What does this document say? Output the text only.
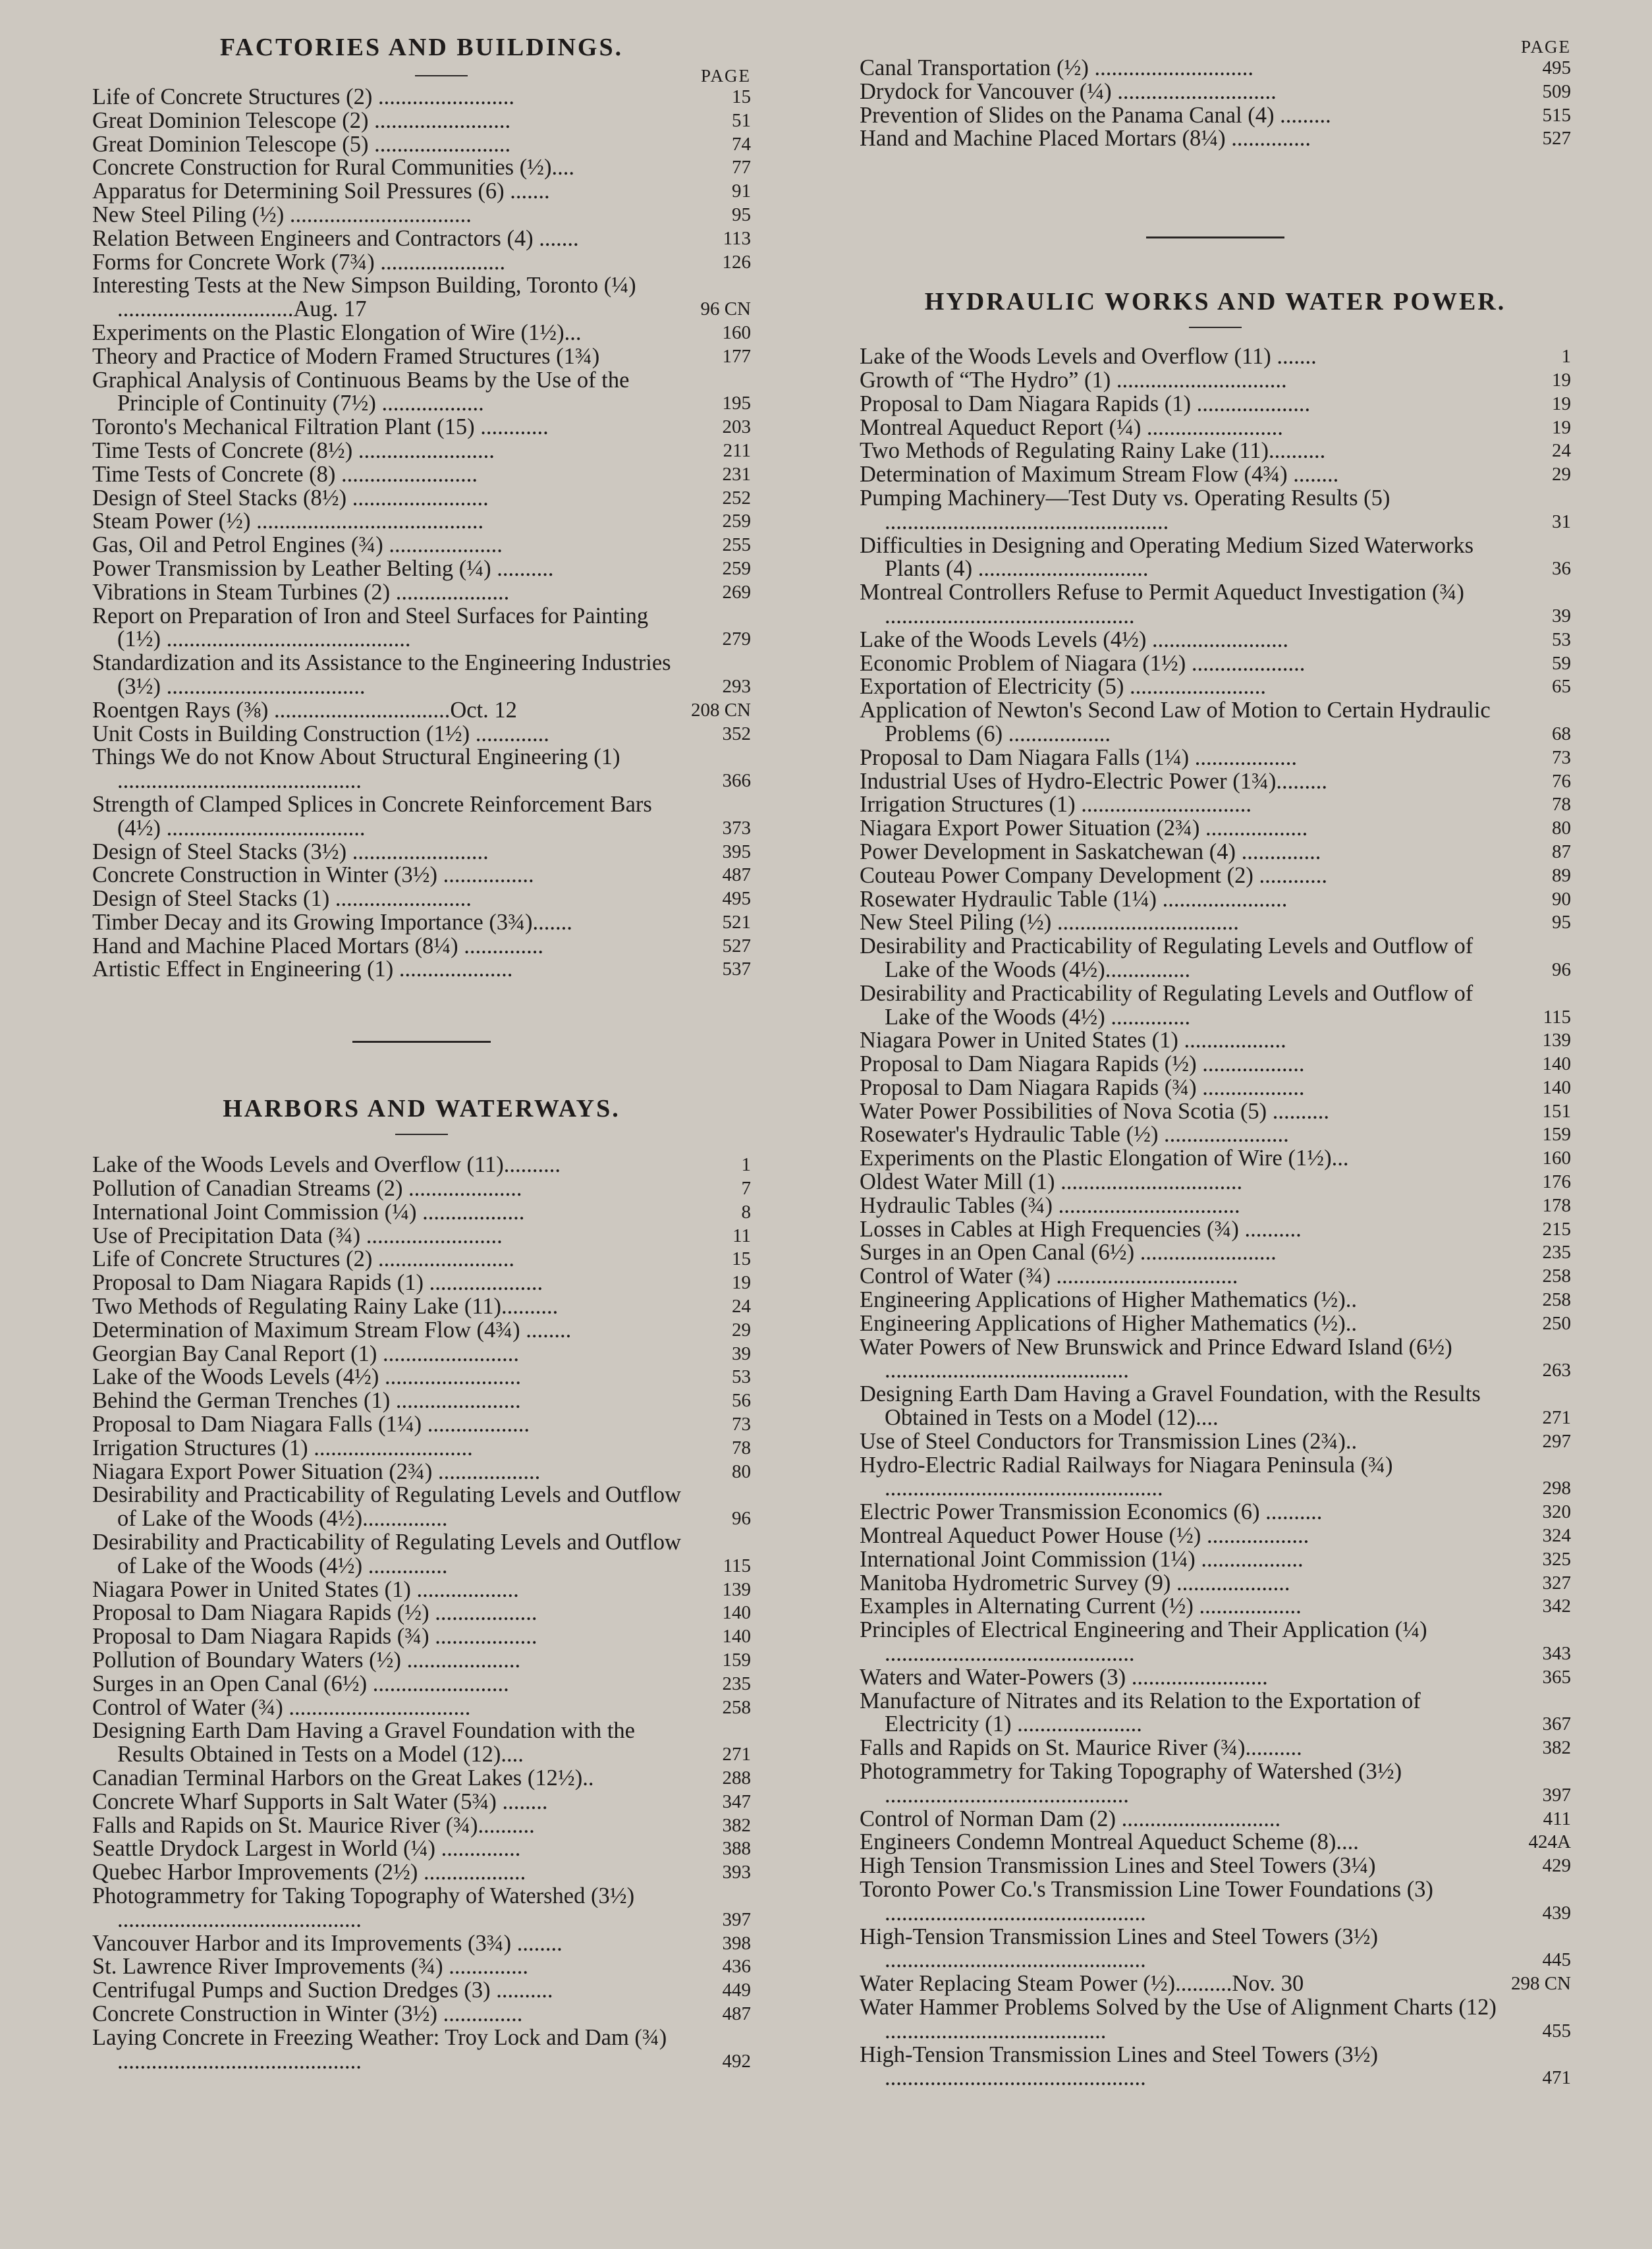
FACTORIES AND BUILDINGS.
PAGE
Life of Concrete Structures (2) ........................	15
Great Dominion Telescope (2) ........................	51
Great Dominion Telescope (5) ........................	74
Concrete Construction for Rural Communities (½)....	77
Apparatus for Determining Soil Pressures (6) .......	91
New Steel Piling (½) ................................	95
Relation Between Engineers and Contractors (4) .......	113
Forms for Concrete Work (7¾) ......................	126
Interesting Tests at the New Simpson Building, Toronto (¼) ...............................Aug. 17	96 CN
Experiments on the Plastic Elongation of Wire (1½)...	160
Theory and Practice of Modern Framed Structures (1¾)	177
Graphical Analysis of Continuous Beams by the Use of the Principle of Continuity (7½) ..................	195
Toronto's Mechanical Filtration Plant (15) ............	203
Time Tests of Concrete (8½) ........................	211
Time Tests of Concrete (8) ........................	231
Design of Steel Stacks (8½) ........................	252
Steam Power (½) ........................................	259
Gas, Oil and Petrol Engines (¾) ....................	255
Power Transmission by Leather Belting (¼) ..........	259
Vibrations in Steam Turbines (2) ....................	269
Report on Preparation of Iron and Steel Surfaces for Painting (1½) ...........................................	279
Standardization and its Assistance to the Engineering Industries (3½) ...................................	293
Roentgen Rays (⅜) ...............................Oct. 12	208 CN
Unit Costs in Building Construction (1½) .............	352
Things We do not Know About Structural Engineering (1) ...........................................	366
Strength of Clamped Splices in Concrete Reinforcement Bars (4½) ...................................	373
Design of Steel Stacks (3½) ........................	395
Concrete Construction in Winter (3½) ................	487
Design of Steel Stacks (1) ........................	495
Timber Decay and its Growing Importance (3¾).......	521
Hand and Machine Placed Mortars (8¼) ..............	527
Artistic Effect in Engineering (1) ....................	537
HARBORS AND WATERWAYS.
Lake of the Woods Levels and Overflow (11)..........	1
Pollution of Canadian Streams (2) ....................	7
International Joint Commission (¼) ..................	8
Use of Precipitation Data (¾) ........................	11
Life of Concrete Structures (2) ........................	15
Proposal to Dam Niagara Rapids (1) ....................	19
Two Methods of Regulating Rainy Lake (11)..........	24
Determination of Maximum Stream Flow (4¾) ........	29
Georgian Bay Canal Report (1) ........................	39
Lake of the Woods Levels (4½) ........................	53
Behind the German Trenches (1) ......................	56
Proposal to Dam Niagara Falls (1¼) ..................	73
Irrigation Structures (1) ............................	78
Niagara Export Power Situation (2¾) ..................	80
Desirability and Practicability of Regulating Levels and Outflow of Lake of the Woods (4½)...............	96
Desirability and Practicability of Regulating Levels and Outflow of Lake of the Woods (4½) ..............	115
Niagara Power in United States (1) ..................	139
Proposal to Dam Niagara Rapids (½) ..................	140
Proposal to Dam Niagara Rapids (¾) ..................	140
Pollution of Boundary Waters (½) ....................	159
Surges in an Open Canal (6½) ........................	235
Control of Water (¾) ................................	258
Designing Earth Dam Having a Gravel Foundation with the Results Obtained in Tests on a Model (12)....	271
Canadian Terminal Harbors on the Great Lakes (12½)..	288
Concrete Wharf Supports in Salt Water (5¾) ........	347
Falls and Rapids on St. Maurice River (¾)..........	382
Seattle Drydock Largest in World (¼) ..............	388
Quebec Harbor Improvements (2½) ..................	393
Photogrammetry for Taking Topography of Watershed (3½) ...........................................	397
Vancouver Harbor and its Improvements (3¾) ........	398
St. Lawrence River Improvements (¾) ..............	436
Centrifugal Pumps and Suction Dredges (3) ..........	449
Concrete Construction in Winter (3½) ..............	487
Laying Concrete in Freezing Weather: Troy Lock and Dam (¾) ...........................................	492
PAGE
Canal Transportation (½) ............................	495
Drydock for Vancouver (¼) ............................	509
Prevention of Slides on the Panama Canal (4) .........	515
Hand and Machine Placed Mortars (8¼) ..............	527
HYDRAULIC WORKS AND WATER POWER.
Lake of the Woods Levels and Overflow (11) .......	1
Growth of “The Hydro” (1) ..............................	19
Proposal to Dam Niagara Rapids (1) ....................	19
Montreal Aqueduct Report (¼) ........................	19
Two Methods of Regulating Rainy Lake (11)..........	24
Determination of Maximum Stream Flow (4¾) ........	29
Pumping Machinery—Test Duty vs. Operating Results (5) ..................................................	31
Difficulties in Designing and Operating Medium Sized Waterworks Plants (4) ..............................	36
Montreal Controllers Refuse to Permit Aqueduct Investigation (¾) ............................................	39
Lake of the Woods Levels (4½) ........................	53
Economic Problem of Niagara (1½) ....................	59
Exportation of Electricity (5) ........................	65
Application of Newton's Second Law of Motion to Certain Hydraulic Problems (6) ..................	68
Proposal to Dam Niagara Falls (1¼) ..................	73
Industrial Uses of Hydro-Electric Power (1¾).........	76
Irrigation Structures (1) ..............................	78
Niagara Export Power Situation (2¾) ..................	80
Power Development in Saskatchewan (4) ..............	87
Couteau Power Company Development (2) ............	89
Rosewater Hydraulic Table (1¼) ......................	90
New Steel Piling (½) ................................	95
Desirability and Practicability of Regulating Levels and Outflow of Lake of the Woods (4½)...............	96
Desirability and Practicability of Regulating Levels and Outflow of Lake of the Woods (4½) ..............	115
Niagara Power in United States (1) ..................	139
Proposal to Dam Niagara Rapids (½) ..................	140
Proposal to Dam Niagara Rapids (¾) ..................	140
Water Power Possibilities of Nova Scotia (5) ..........	151
Rosewater's Hydraulic Table (½) ......................	159
Experiments on the Plastic Elongation of Wire (1½)...	160
Oldest Water Mill (1) ................................	176
Hydraulic Tables (¾) ................................	178
Losses in Cables at High Frequencies (¾) ..........	215
Surges in an Open Canal (6½) ........................	235
Control of Water (¾) ................................	258
Engineering Applications of Higher Mathematics (½)..	258
Engineering Applications of Higher Mathematics (½)..	250
Water Powers of New Brunswick and Prince Edward Island (6½) ...........................................	263
Designing Earth Dam Having a Gravel Foundation, with the Results Obtained in Tests on a Model (12)....	271
Use of Steel Conductors for Transmission Lines (2¾)..	297
Hydro-Electric Radial Railways for Niagara Peninsula (¾) .................................................	298
Electric Power Transmission Economics (6) ..........	320
Montreal Aqueduct Power House (½) ..................	324
International Joint Commission (1¼) ..................	325
Manitoba Hydrometric Survey (9) ....................	327
Examples in Alternating Current (½) ..................	342
Principles of Electrical Engineering and Their Application (¼) ............................................	343
Waters and Water-Powers (3) ........................	365
Manufacture of Nitrates and its Relation to the Exportation of Electricity (1) ......................	367
Falls and Rapids on St. Maurice River (¾)..........	382
Photogrammetry for Taking Topography of Watershed (3½) ...........................................	397
Control of Norman Dam (2) ............................	411
Engineers Condemn Montreal Aqueduct Scheme (8)....	424A
High Tension Transmission Lines and Steel Towers (3¼)	429
Toronto Power Co.'s Transmission Line Tower Foundations (3) ..............................................	439
High-Tension Transmission Lines and Steel Towers (3½) ..............................................	445
Water Replacing Steam Power (½)..........Nov. 30	298 CN
Water Hammer Problems Solved by the Use of Alignment Charts (12) .......................................	455
High-Tension Transmission Lines and Steel Towers (3½) ..............................................	471
